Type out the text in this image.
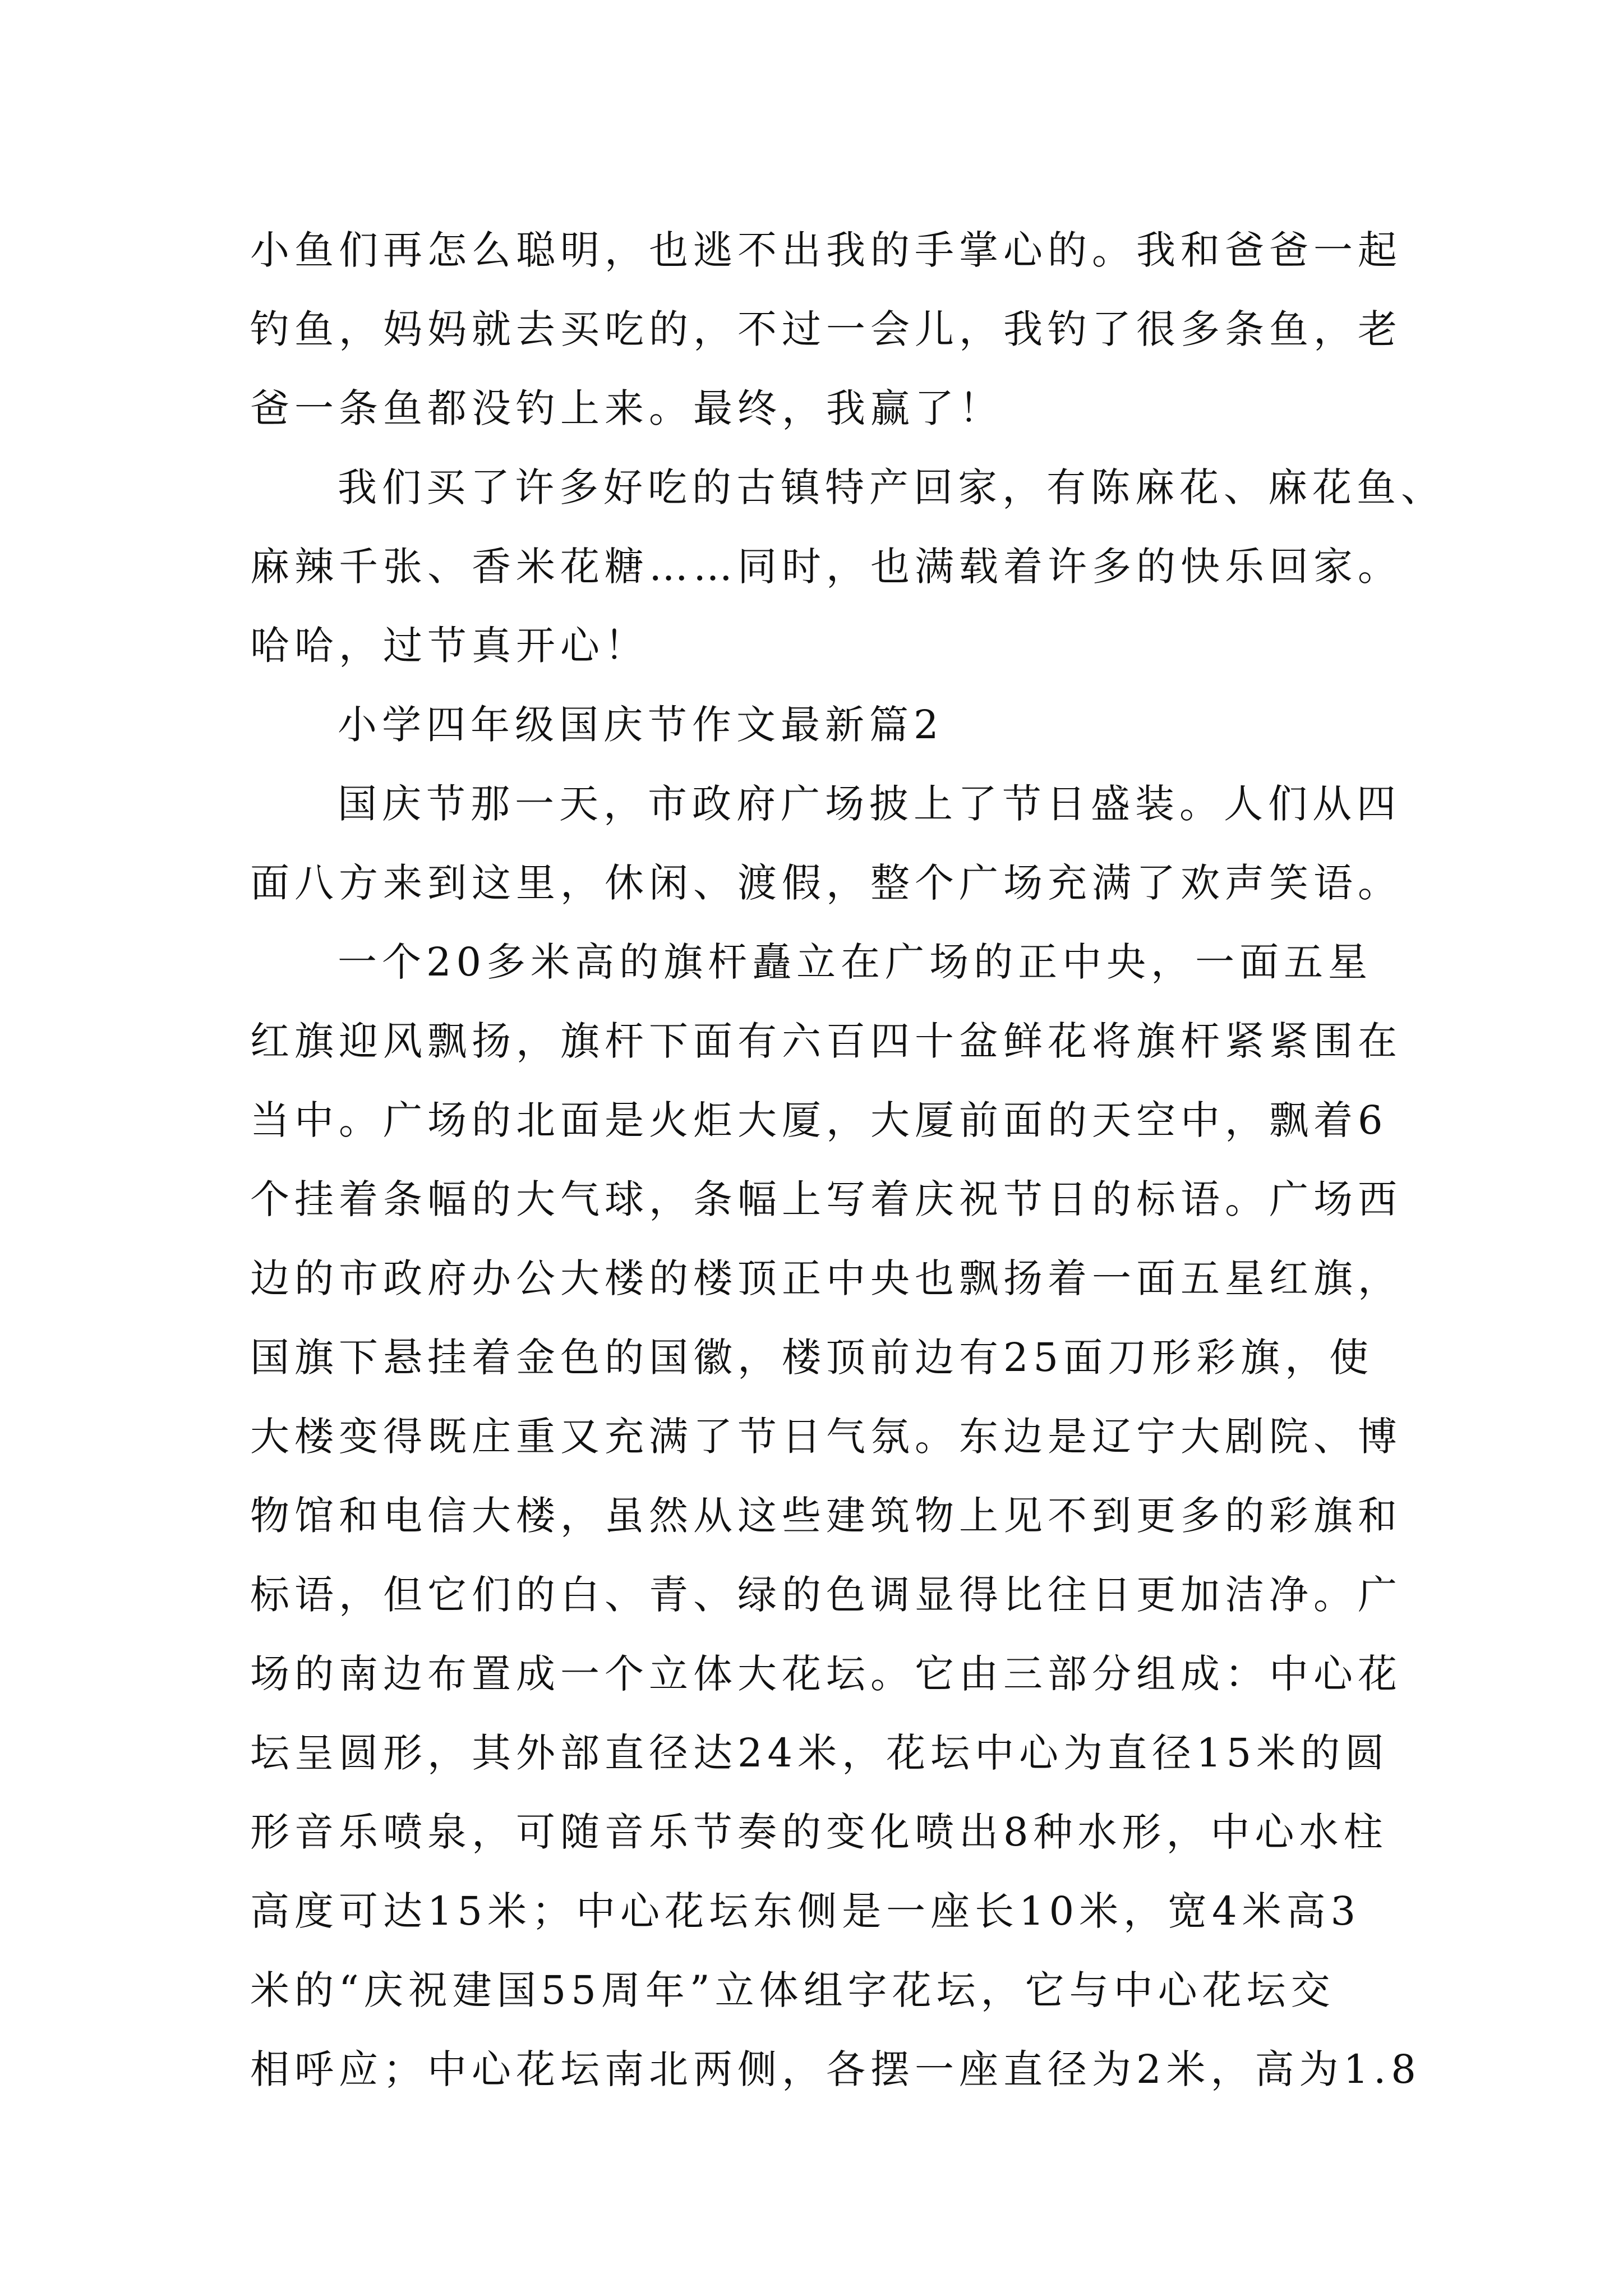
小鱼们再怎么聪明，也逃不出我的手掌心的。我和爸爸一起
钓鱼，妈妈就去买吃的，不过一会儿，我钓了很多条鱼，老
爸一条鱼都没钓上来。最终，我赢了！
我们买了许多好吃的古镇特产回家，有陈麻花、麻花鱼、
麻辣千张、香米花糖……同时，也满载着许多的快乐回家。
哈哈，过节真开心！
小学四年级国庆节作文最新篇2
国庆节那一天，市政府广场披上了节日盛装。人们从四
面八方来到这里，休闲、渡假，整个广场充满了欢声笑语。
一个20多米高的旗杆矗立在广场的正中央，一面五星
红旗迎风飘扬，旗杆下面有六百四十盆鲜花将旗杆紧紧围在
当中。广场的北面是火炬大厦，大厦前面的天空中，飘着6
个挂着条幅的大气球，条幅上写着庆祝节日的标语。广场西
边的市政府办公大楼的楼顶正中央也飘扬着一面五星红旗，
国旗下悬挂着金色的国徽，楼顶前边有25面刀形彩旗，使
大楼变得既庄重又充满了节日气氛。东边是辽宁大剧院、博
物馆和电信大楼，虽然从这些建筑物上见不到更多的彩旗和
标语，但它们的白、青、绿的色调显得比往日更加洁净。广
场的南边布置成一个立体大花坛。它由三部分组成：中心花
坛呈圆形，其外部直径达24米，花坛中心为直径15米的圆
形音乐喷泉，可随音乐节奏的变化喷出8种水形，中心水柱
高度可达15米；中心花坛东侧是一座长10米，宽4米高3
米的“庆祝建国55周年”立体组字花坛，它与中心花坛交
相呼应；中心花坛南北两侧，各摆一座直径为2米，高为1.8
